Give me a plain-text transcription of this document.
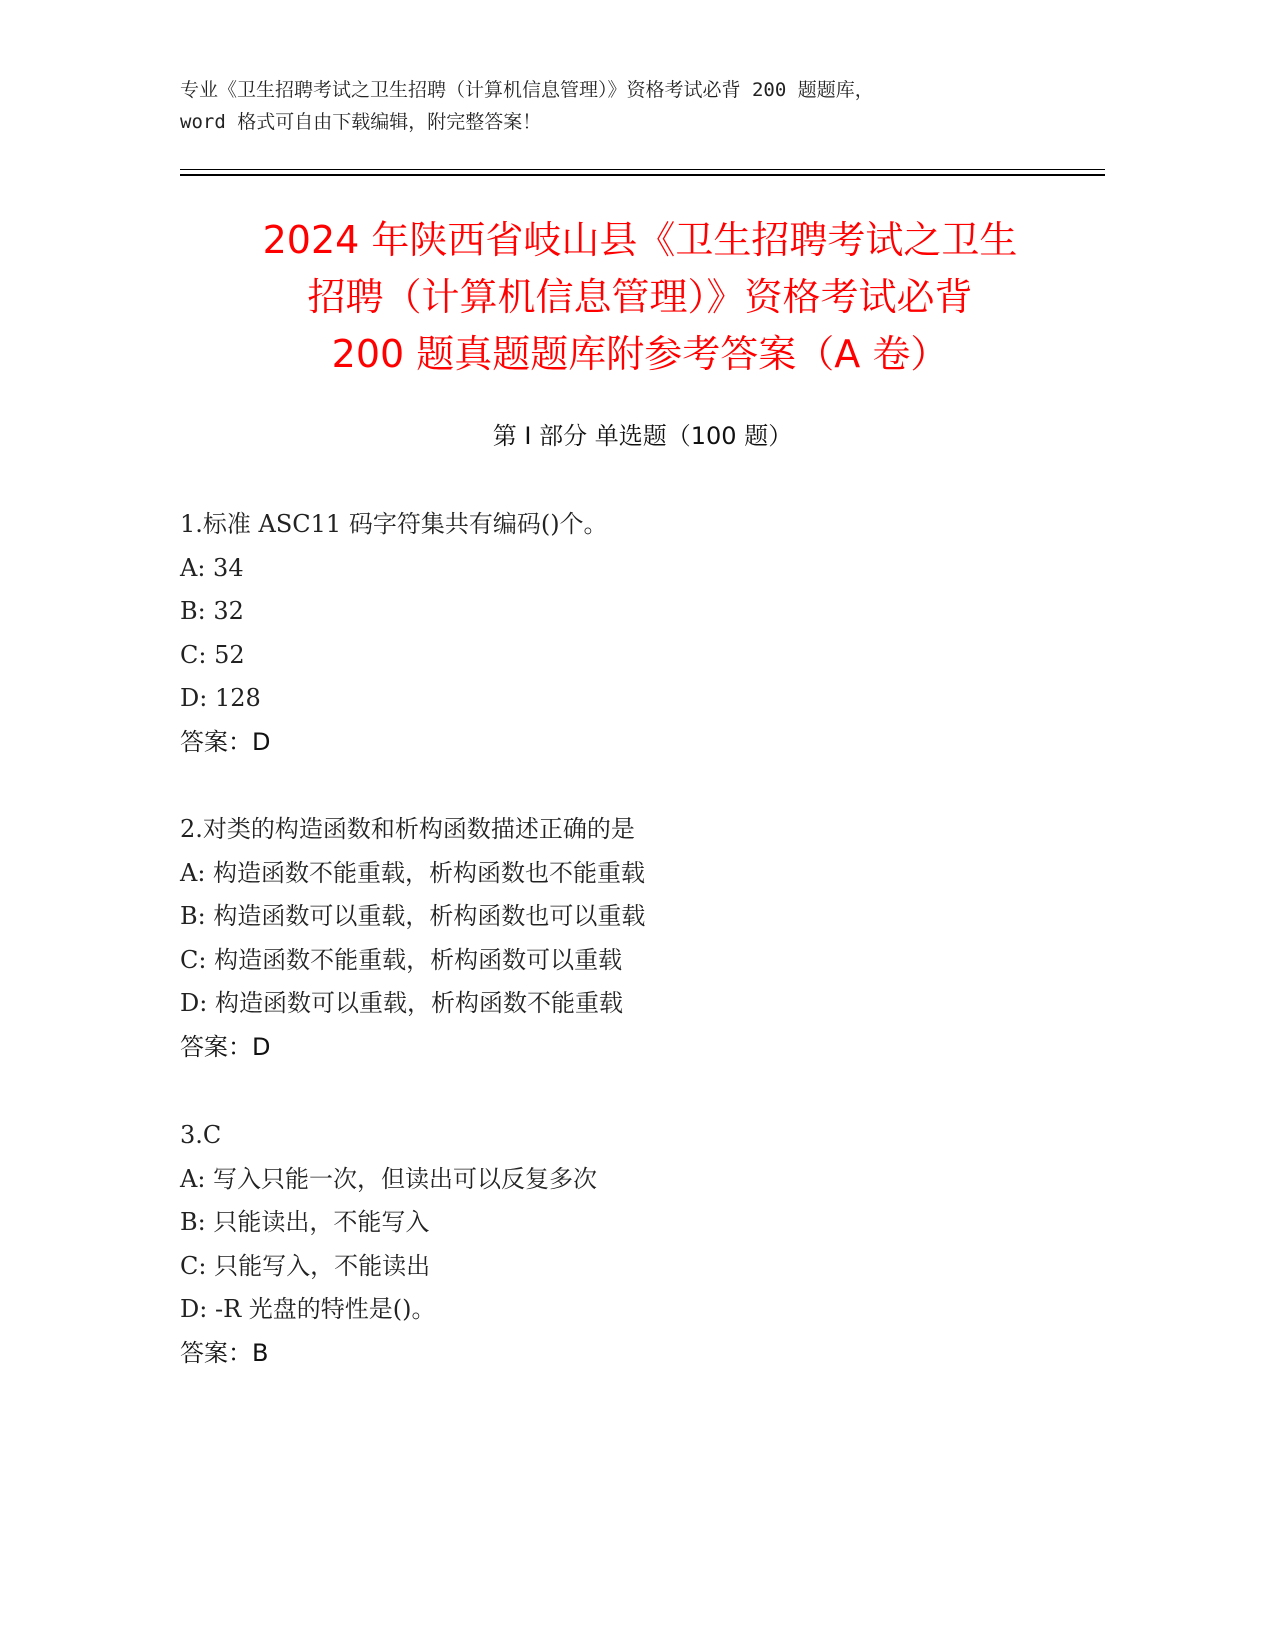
专业《卫生招聘考试之卫生招聘（计算机信息管理）》资格考试必背 200 题题库，
word 格式可自由下载编辑，附完整答案！
2024 年陕西省岐山县《卫生招聘考试之卫生
招聘（计算机信息管理）》资格考试必背
200 题真题题库附参考答案（A 卷）
第 I 部分 单选题（100 题）
1.标准 ASC11 码字符集共有编码()个。
A: 34
B: 32
C: 52
D: 128
答案：D
2.对类的构造函数和析构函数描述正确的是
A: 构造函数不能重载，析构函数也不能重载
B: 构造函数可以重载，析构函数也可以重载
C: 构造函数不能重载，析构函数可以重载
D: 构造函数可以重载，析构函数不能重载
答案：D
3.C
A: 写入只能一次，但读出可以反复多次
B: 只能读出，不能写入
C: 只能写入，不能读出
D: -R 光盘的特性是()。
答案：B
